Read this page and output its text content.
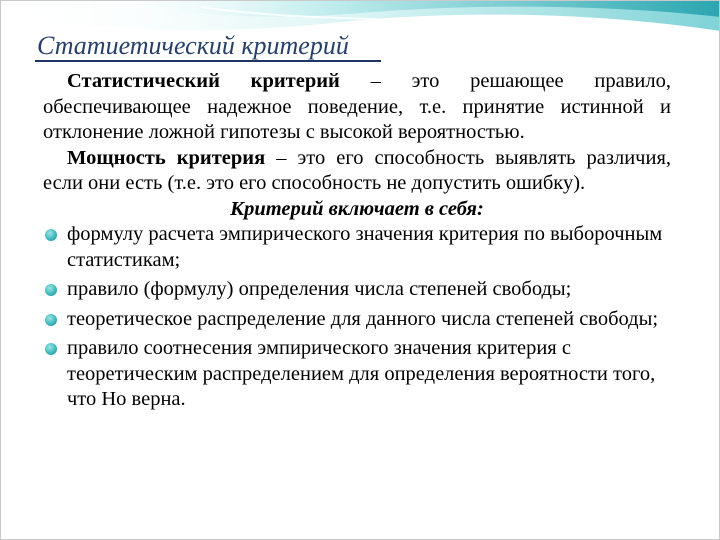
Статиетический критерий

Статистический критерий – это решающее правило, обеспечивающее надежное поведение, т.е. принятие истинной и отклонение ложной гипотезы с высокой вероятностью.

Мощность критерия – это его способность выявлять различия, если они есть (т.е. это его способность не допустить ошибку).

Критерий включает в себя:

формулу расчета эмпирического значения критерия по выборочным статистикам;
правило (формулу) определения числа степеней свободы;
теоретическое распределение для данного числа степеней свободы;
правило соотнесения эмпирического значения критерия с теоретическим распределением для определения вероятности того, что Но верна.
